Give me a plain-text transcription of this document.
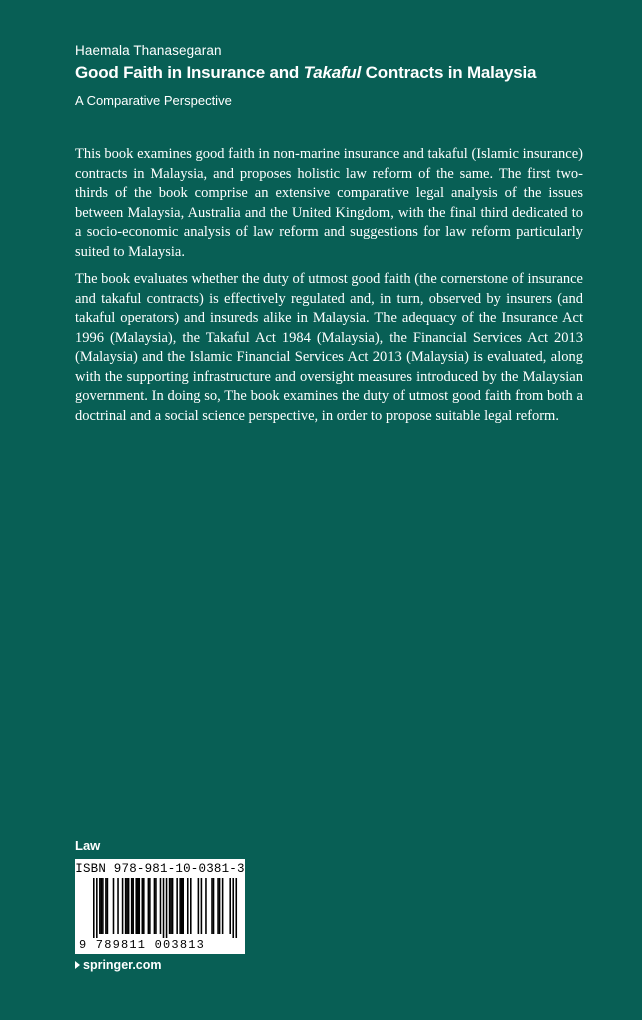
Haemala Thanasegaran
Good Faith in Insurance and Takaful Contracts in Malaysia
A Comparative Perspective

This book examines good faith in non-marine insurance and takaful (Islamic insurance) contracts in Malaysia, and proposes holistic law reform of the same. The first two-thirds of the book comprise an extensive comparative legal analysis of the issues between Malaysia, Australia and the United Kingdom, with the final third dedicated to a socio-economic analysis of law reform and suggestions for law reform particularly suited to Malaysia.

The book evaluates whether the duty of utmost good faith (the cornerstone of insurance and takaful contracts) is effectively regulated and, in turn, observed by insurers (and takaful operators) and insureds alike in Malaysia. The adequacy of the Insurance Act 1996 (Malaysia), the Takaful Act 1984 (Malaysia), the Financial Services Act 2013 (Malaysia) and the Islamic Financial Services Act 2013 (Malaysia) is evaluated, along with the supporting infrastructure and oversight measures introduced by the Malaysian government. In doing so, The book examines the duty of utmost good faith from both a doctrinal and a social science perspective, in order to propose suitable legal reform.

Law
ISBN 978-981-10-0381-3
9 789811 003813
springer.com
